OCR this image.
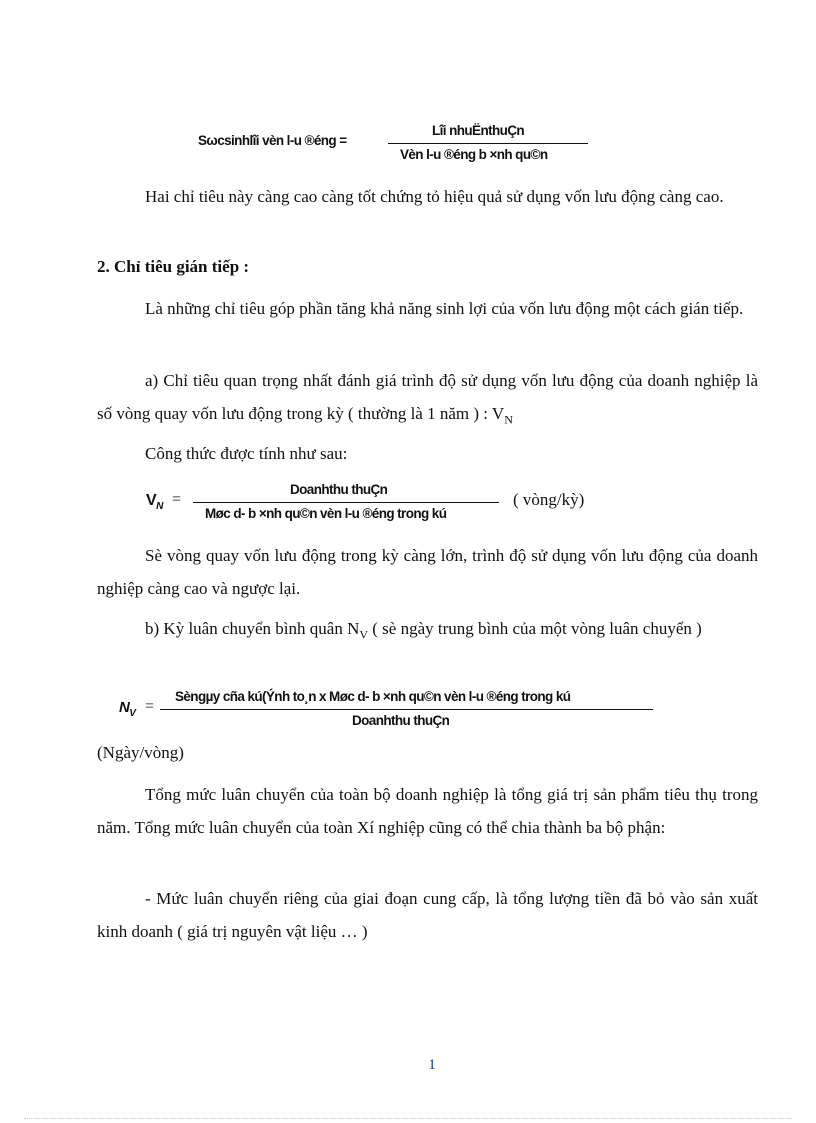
Sωcsinhlîi vèn l-u ®éng =
Lîi nhuËnthuÇn
Vèn l-u ®éng b ×nh qu©n
Hai chỉ tiêu này càng cao càng tốt chứng tỏ hiệu quả sử dụng vốn lưu động càng cao.
2. Chỉ tiêu gián tiếp :
Là những chỉ tiêu góp phần tăng khả năng sinh lợi của vốn lưu động một cách gián tiếp.
a) Chỉ tiêu quan trọng nhất đánh giá trình độ sử dụng vốn lưu động của doanh nghiệp là số vòng quay vốn lưu động trong kỳ ( thường là 1 năm ) : $V_N$
Công thức được tính như sau:
$V_N$ =
Doanhthu thuÇn
Møc d- b ×nh qu©n vèn l-u ®éng trong kú
( vòng/kỳ)
Sè vòng quay vốn lưu động trong kỳ càng lớn, trình độ sử dụng vốn lưu động của doanh nghiệp càng cao và ngược lại.
b) Kỳ luân chuyển bình quân $N_V$ ( sè ngày trung bình của một vòng luân chuyển )
$N_V$ =
Sèngµy cña kú(Ýnh to¸n x Møc d- b ×nh qu©n vèn l-u ®éng trong kú
Doanhthu thuÇn
(Ngày/vòng)
Tổng mức luân chuyển của toàn bộ doanh nghiệp là tổng giá trị sản phẩm tiêu thụ trong năm. Tổng mức luân chuyển của toàn Xí nghiệp cũng có thể chia thành ba bộ phận:
- Mức luân chuyển riêng của giai đoạn cung cấp, là tổng lượng tiền đã bỏ vào sản xuất kinh doanh ( giá trị nguyên vật liệu … )
1
